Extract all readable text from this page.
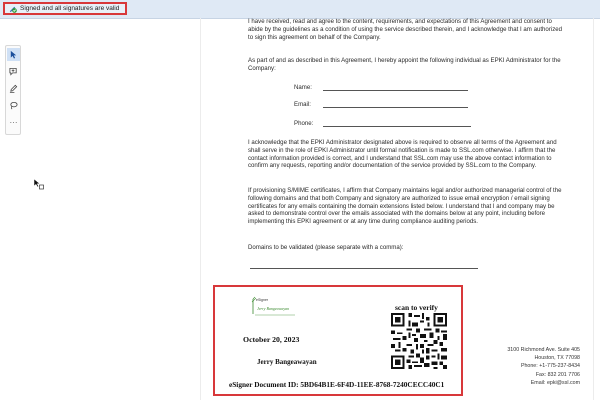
Signed and all signatures are valid
···

I have received, read and agree to the content, requirements, and expectations of this Agreement and consent to abide by the guidelines as a condition of using the service described therein, and I acknowledge that I am authorized to sign this agreement on behalf of the Company.

As part of and as described in this Agreement, I hereby appoint the following individual as EPKI Administrator for the Company:

Name:
Email:
Phone:

I acknowledge that the EPKI Administrator designated above is required to observe all terms of the Agreement and shall serve in the role of EPKI Administrator until formal notification is made to SSL.com otherwise. I affirm that the contact information provided is correct, and I understand that SSL.com may use the above contact information to confirm any requests, reporting and/or documentation of the service provided by SSL.com to the Company.

If provisioning S/MIME certificates, I affirm that Company maintains legal and/or authorized managerial control of the following domains and that both Company and signatory are authorized to issue email encryption / email signing certificates for any emails containing the domain extensions listed below. I understand that I and company may be asked to demonstrate control over the emails associated with the domains below at any point, including before implementing this EPKI agreement or at any time during compliance auditing periods.

Domains to be validated (please separate with a comma):

eSigner
Jerry Bangeawayan	scan to verify
October 20, 2023
Jerry Bangeawayan
eSigner Document ID: 5BD64B1E-6F4D-11EE-8768-7240CECC40C1
3100 Richmond Ave. Suite 405
Houston, TX 77098
Phone: +1-775-237-8434
Fax: 832 201 7706
Email: epki@ssl.com
